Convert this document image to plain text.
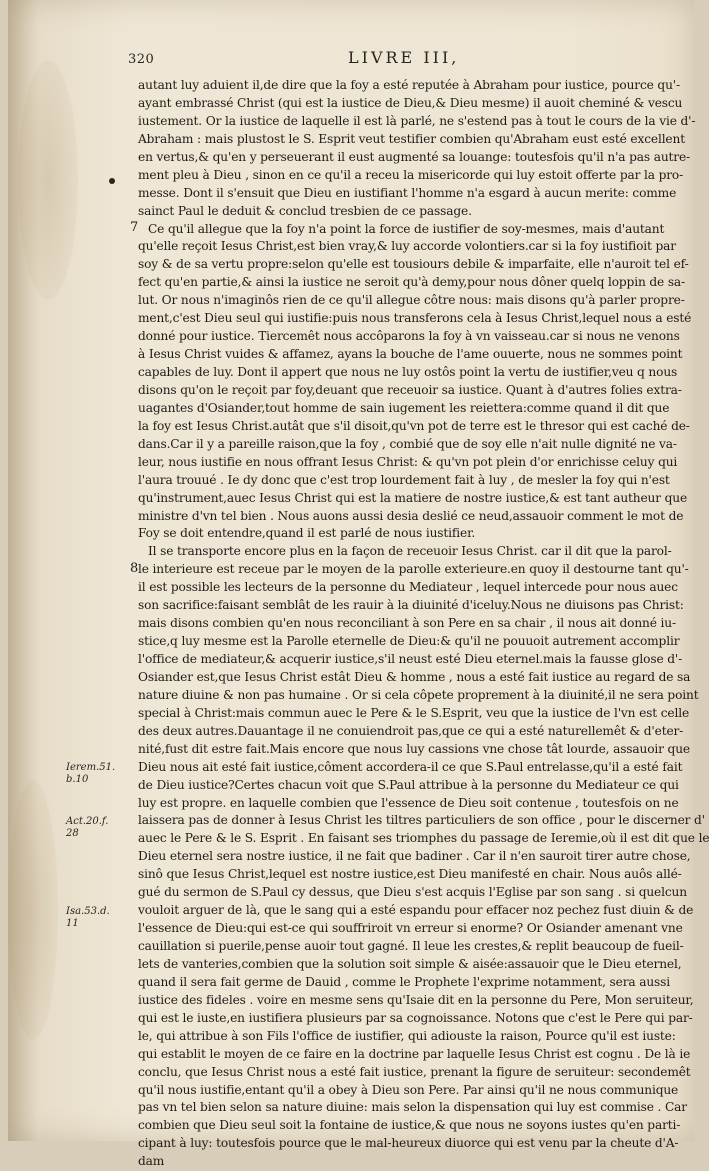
320	LIVRE III,
Ierem.51.
b.10
Act.20.f.
28
Isa.53.d.
11
7
8
autant luy aduient il,de dire que la foy a esté reputée à Abraham pour iustice, pource qu'-
ayant embrassé Christ (qui est la iustice de Dieu,& Dieu mesme) il auoit cheminé & vescu
iustement. Or la iustice de laquelle il est là parlé, ne s'estend pas à tout le cours de la vie d'-
Abraham : mais plustost le S. Esprit veut testifier combien qu'Abraham eust esté excellent
en vertus,& qu'en y perseuerant il eust augmenté sa louange: toutesfois qu'il n'a pas autre-
ment pleu à Dieu , sinon en ce qu'il a receu la misericorde qui luy estoit offerte par la pro-
messe. Dont il s'ensuit que Dieu en iustifiant l'homme n'a esgard à aucun merite: comme
sainct Paul le deduit & conclud tresbien de ce passage.
Ce qu'il allegue que la foy n'a point la force de iustifier de soy-mesmes, mais d'autant
qu'elle reçoit Iesus Christ,est bien vray,& luy accorde volontiers.car si la foy iustifioit par
soy & de sa vertu propre:selon qu'elle est tousiours debile & imparfaite, elle n'auroit tel ef-
fect qu'en partie,& ainsi la iustice ne seroit qu'à demy,pour nous dôner quelq loppin de sa-
lut. Or nous n'imaginôs rien de ce qu'il allegue côtre nous: mais disons qu'à parler propre-
ment,c'est Dieu seul qui iustifie:puis nous transferons cela à Iesus Christ,lequel nous a esté
donné pour iustice. Tiercemêt nous accôparons la foy à vn vaisseau.car si nous ne venons
à Iesus Christ vuides & affamez, ayans la bouche de l'ame ouuerte, nous ne sommes point
capables de luy. Dont il appert que nous ne luy ostôs point la vertu de iustifier,veu q nous
disons qu'on le reçoit par foy,deuant que receuoir sa iustice. Quant à d'autres folies extra-
uagantes d'Osiander,tout homme de sain iugement les reiettera:comme quand il dit que
la foy est Iesus Christ.autât que s'il disoit,qu'vn pot de terre est le thresor qui est caché de-
dans.Car il y a pareille raison,que la foy , combié que de soy elle n'ait nulle dignité ne va-
leur, nous iustifie en nous offrant Iesus Christ: & qu'vn pot plein d'or enrichisse celuy qui
l'aura trouué . Ie dy donc que c'est trop lourdement fait à luy , de mesler la foy qui n'est
qu'instrument,auec Iesus Christ qui est la matiere de nostre iustice,& est tant autheur que
ministre d'vn tel bien . Nous auons aussi desia deslié ce neud,assauoir comment le mot de
Foy se doit entendre,quand il est parlé de nous iustifier.
Il se transporte encore plus en la façon de receuoir Iesus Christ. car il dit que la parol-
le interieure est receue par le moyen de la parolle exterieure.en quoy il destourne tant qu'-
il est possible les lecteurs de la personne du Mediateur , lequel intercede pour nous auec
son sacrifice:faisant semblât de les rauir à la diuinité d'iceluy.Nous ne diuisons pas Christ:
mais disons combien qu'en nous reconciliant à son Pere en sa chair , il nous ait donné iu-
stice,q luy mesme est la Parolle eternelle de Dieu:& qu'il ne pouuoit autrement accomplir
l'office de mediateur,& acquerir iustice,s'il neust esté Dieu eternel.mais la fausse glose d'-
Osiander est,que Iesus Christ estât Dieu & homme , nous a esté fait iustice au regard de sa
nature diuine & non pas humaine . Or si cela côpete proprement à la diuinité,il ne sera point
special à Christ:mais commun auec le Pere & le S.Esprit, veu que la iustice de l'vn est celle
des deux autres.Dauantage il ne conuiendroit pas,que ce qui a esté naturellemêt & d'eter-
nité,fust dit estre fait.Mais encore que nous luy cassions vne chose tât lourde, assauoir que
Dieu nous ait esté fait iustice,côment accordera-il ce que S.Paul entrelasse,qu'il a esté fait
de Dieu iustice?Certes chacun voit que S.Paul attribue à la personne du Mediateur ce qui
luy est propre. en laquelle combien que l'essence de Dieu soit contenue , toutesfois on ne
laissera pas de donner à Iesus Christ les tiltres particuliers de son office , pour le discerner d'
auec le Pere & le S. Esprit . En faisant ses triomphes du passage de Ieremie,où il est dit que le
Dieu eternel sera nostre iustice, il ne fait que badiner . Car il n'en sauroit tirer autre chose,
sinô que Iesus Christ,lequel est nostre iustice,est Dieu manifesté en chair. Nous auôs allé-
gué du sermon de S.Paul cy dessus, que Dieu s'est acquis l'Eglise par son sang . si quelcun
vouloit arguer de là, que le sang qui a esté espandu pour effacer noz pechez fust diuin & de
l'essence de Dieu:qui est-ce qui souffriroit vn erreur si enorme? Or Osiander amenant vne
cauillation si puerile,pense auoir tout gagné. Il leue les crestes,& replit beaucoup de fueil-
lets de vanteries,combien que la solution soit simple & aisée:assauoir que le Dieu eternel,
quand il sera fait germe de Dauid , comme le Prophete l'exprime notamment, sera aussi
iustice des fideles . voire en mesme sens qu'Isaie dit en la personne du Pere, Mon seruiteur,
qui est le iuste,en iustifiera plusieurs par sa cognoissance. Notons que c'est le Pere qui par-
le, qui attribue à son Fils l'office de iustifier, qui adiouste la raison, Pource qu'il est iuste:
qui establit le moyen de ce faire en la doctrine par laquelle Iesus Christ est cognu . De là ie
conclu, que Iesus Christ nous a esté fait iustice, prenant la figure de seruiteur: secondemêt
qu'il nous iustifie,entant qu'il a obey à Dieu son Pere. Par ainsi qu'il ne nous communique
pas vn tel bien selon sa nature diuine: mais selon la dispensation qui luy est commise . Car
combien que Dieu seul soit la fontaine de iustice,& que nous ne soyons iustes qu'en parti-
cipant à luy: toutesfois pource que le mal-heureux diuorce qui est venu par la cheute d'A-
dam
